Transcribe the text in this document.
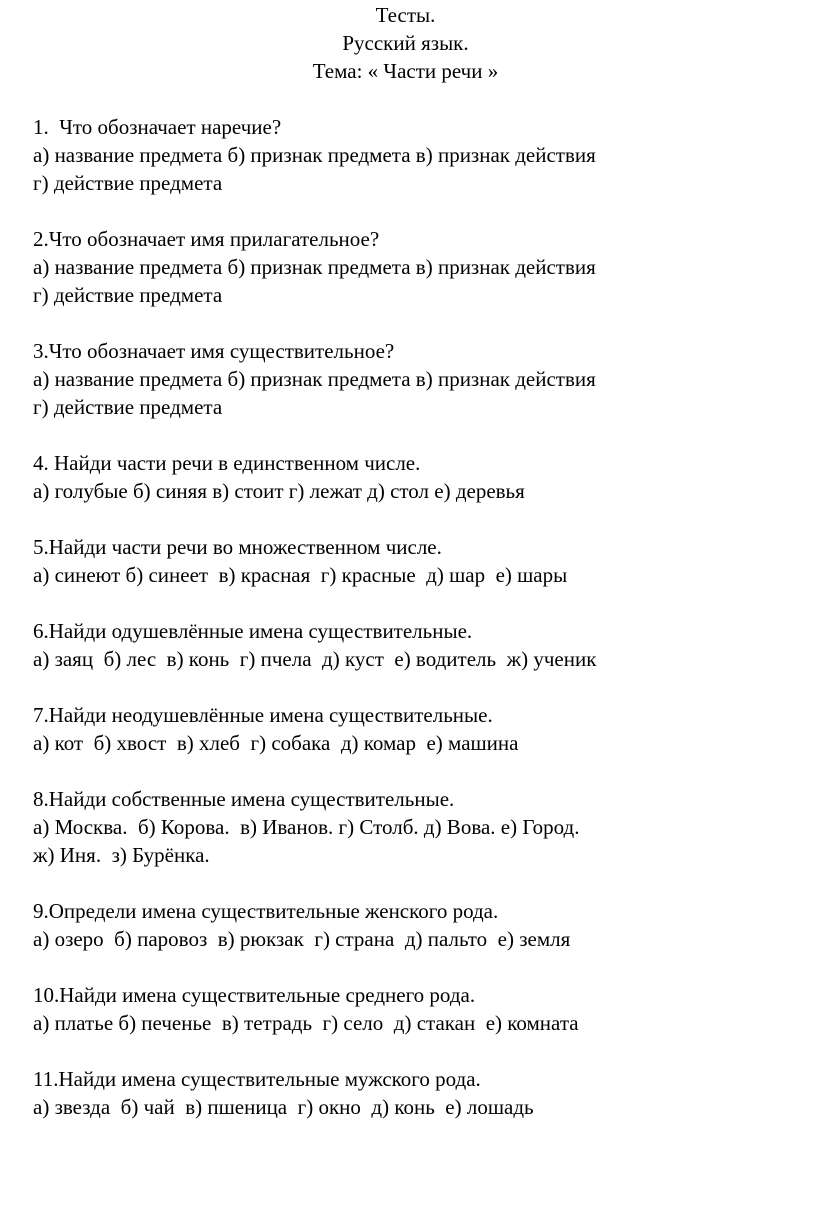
Тесты.
Русский язык.
Тема: « Части речи »
1.  Что обозначает наречие?
а) название предмета б) признак предмета в) признак действия
г) действие предмета
2.Что обозначает имя прилагательное?
а) название предмета б) признак предмета в) признак действия
г) действие предмета
3.Что обозначает имя существительное?
а) название предмета б) признак предмета в) признак действия
г) действие предмета
4. Найди части речи в единственном числе.
а) голубые б) синяя в) стоит г) лежат д) стол е) деревья
5.Найди части речи во множественном числе.
а) синеют б) синеет  в) красная  г) красные  д) шар  е) шары
6.Найди одушевлённые имена существительные.
а) заяц  б) лес  в) конь  г) пчела  д) куст  е) водитель  ж) ученик
7.Найди неодушевлённые имена существительные.
а) кот  б) хвост  в) хлеб  г) собака  д) комар  е) машина
8.Найди собственные имена существительные.
а) Москва.  б) Корова.  в) Иванов. г) Столб. д) Вова. е) Город.
ж) Иня.  з) Бурёнка.
9.Определи имена существительные женского рода.
а) озеро  б) паровоз  в) рюкзак  г) страна  д) пальто  е) земля
10.Найди имена существительные среднего рода.
а) платье б) печенье  в) тетрадь  г) село  д) стакан  е) комната
11.Найди имена существительные мужского рода.
а) звезда  б) чай  в) пшеница  г) окно  д) конь  е) лошадь
